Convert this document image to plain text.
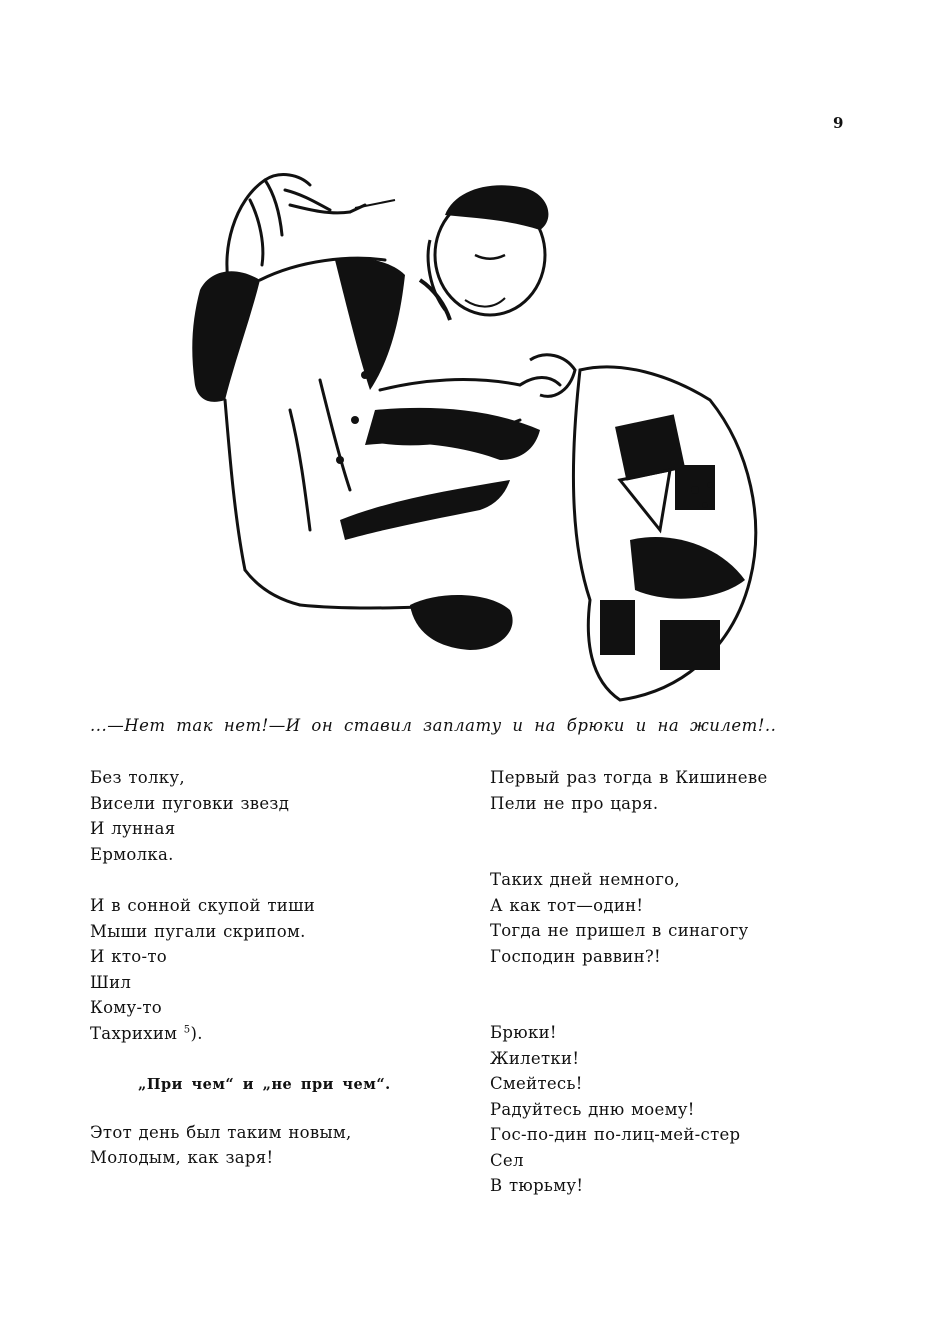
9
...—Нет так нет!—И он ставил заплату и на брюки и на жилет!..
Без толку,
Висели пуговки звезд
И лунная
Ермолка.
И в сонной скупой тиши
Мыши пугали скрипом.
И кто-то
Шил
Кому-то
Тахрихим $^5$).
„При чем“ и „не при чем“.
Этот день был таким новым,
Молодым, как заря!
Первый раз тогда в Кишиневе
Пели не про царя.
Таких дней немного,
А как тот—один!
Тогда не пришел в синагогу
Господин раввин?!
Брюки!
Жилетки!
Смейтесь!
Радуйтесь дню моему!
Гос-по-дин по-лиц-мей-стер
Сел
В тюрьму!
